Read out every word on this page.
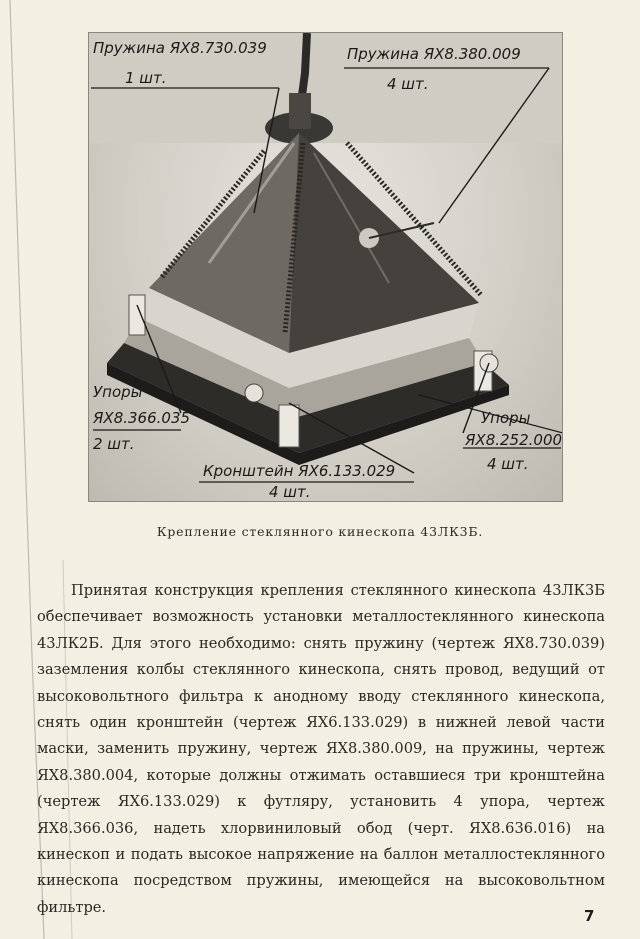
Пружина ЯХ8.730.039
1 шт.
Пружина ЯХ8.380.009
4 шт.
Упоры
ЯХ8.366.035
2 шт.
Упоры
ЯХ8.252.000
4 шт.
Кронштейн ЯХ6.133.029
4 шт.
Крепление стеклянного кинескопа 43ЛК3Б.

Принятая конструкция крепления стеклянного кинескопа 43ЛК3Б обеспечивает возможность установки металлостеклянного кинескопа 43ЛК2Б. Для этого необходимо: снять пружину (чертеж ЯХ8.730.039) заземления колбы стеклянного кинескопа, снять провод, ведущий от высоковольтного фильтра к анодному вводу стеклянного кинескопа, снять один кронштейн (чертеж ЯХ6.133.029) в нижней левой части маски, заменить пружину, чертеж ЯХ8.380.009, на пружины, чертеж ЯХ8.380.004, которые должны отжимать оставшиеся три кронштейна (чертеж ЯХ6.133.029) к футляру, установить 4 упора, чертеж ЯХ8.366.036, надеть хлорвиниловый обод (черт. ЯХ8.636.016) на кинескоп и подать высокое напряжение на баллон металлостеклянного кинескопа посредством пружины, имеющейся на высоковольтном фильтре.	7
